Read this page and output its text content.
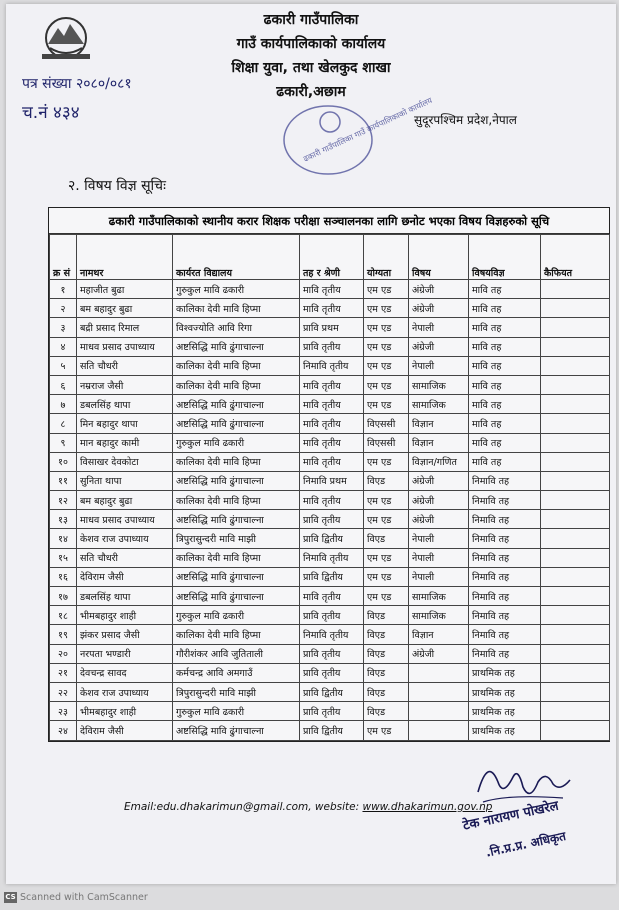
ढकारी गाउँपालिका
गाउँ कार्यपालिकाको कार्यालय
शिक्षा युवा, तथा खेलकुद शाखा
ढकारी,अछाम
पत्र संख्या २०८०/०८१
च.नं ४३४	ढकारी गाउँपालिका गाउँ कार्यपालिकाको कार्यालय
सुदूरपश्चिम प्रदेश,नेपाल
२. विषय विज्ञ सूचिः
ढकारी गाउँपालिकाको स्थानीय करार शिक्षक परीक्षा सञ्चालनका लागि छनोट भएका विषय विज्ञहरुको सूचि
क्र सं	नामथर	कार्यरत विद्यालय	तह र श्रेणी	योग्यता	विषय	विषयविज्ञ	कैफियत
१	महाजीत बुढा	गुरुकुल मावि ढकारी	मावि तृतीय	एम एड	अंग्रेजी	मावि तह	
२	बम बहादुर बुढा	कालिका देवी मावि हिप्मा	मावि तृतीय	एम एड	अंग्रेजी	मावि तह	
३	बद्री प्रसाद रिमाल	विश्वज्योति आवि रिगा	प्रावि प्रथम	एम एड	नेपाली	मावि तह	
४	माधव प्रसाद उपाध्याय	अष्टसिद्धि मावि ढुंगाचाल्ना	प्रावि तृतीय	एम एड	अंग्रेजी	मावि तह	
५	सति चौधरी	कालिका देवी मावि हिप्मा	निमावि तृतीय	एम एड	नेपाली	मावि तह	
६	नम्रराज जैसी	कालिका देवी मावि हिप्मा	मावि तृतीय	एम एड	सामाजिक	मावि तह	
७	डबलसिंह थापा	अष्टसिद्धि मावि ढुंगाचाल्ना	मावि तृतीय	एम एड	सामाजिक	मावि तह	
८	मिन बहादुर थापा	अष्टसिद्धि मावि ढुंगाचाल्ना	मावि तृतीय	विएससी	विज्ञान	मावि तह	
९	मान बहादुर कामी	गुरुकुल मावि ढकारी	मावि तृतीय	विएससी	विज्ञान	मावि तह	
१०	विसाखर देवकोटा	कालिका देवी मावि हिप्मा	मावि तृतीय	एम एड	विज्ञान/गणित	मावि तह	
११	सुनिता थापा	अष्टसिद्धि मावि ढुंगाचाल्ना	निमावि प्रथम	विएड	अंग्रेजी	निमावि तह	
१२	बम बहादुर बुढा	कालिका देवी मावि हिप्मा	मावि तृतीय	एम एड	अंग्रेजी	निमावि तह	
१३	माधव प्रसाद उपाध्याय	अष्टसिद्धि मावि ढुंगाचाल्ना	प्रावि तृतीय	एम एड	अंग्रेजी	निमावि तह	
१४	केशव राज उपाध्याय	त्रिपुरासुन्दरी मावि माझी	प्रावि द्वितीय	विएड	नेपाली	निमावि तह	
१५	सति चौधरी	कालिका देवी मावि हिप्मा	निमावि तृतीय	एम एड	नेपाली	निमावि तह	
१६	देविराम जैसी	अष्टसिद्धि मावि ढुंगाचाल्ना	प्रावि द्वितीय	एम एड	नेपाली	निमावि तह	
१७	डबलसिंह थापा	अष्टसिद्धि मावि ढुंगाचाल्ना	मावि तृतीय	एम एड	सामाजिक	निमावि तह	
१८	भीमबहादुर शाही	गुरुकुल मावि ढकारी	प्रावि तृतीय	विएड	सामाजिक	निमावि तह	
१९	झंकर प्रसाद जैसी	कालिका देवी मावि हिप्मा	निमावि तृतीय	विएड	विज्ञान	निमावि तह	
२०	नरपता भण्डारी	गौरीशंकर आवि जुतिताली	प्रावि तृतीय	विएड	अंग्रेजी	निमावि तह	
२१	देवचन्द्र सावद	कर्मचन्द्र आवि अमगाउँ	प्रावि तृतीय	विएड		प्राथमिक तह	
२२	केशव राज उपाध्याय	त्रिपुरासुन्दरी मावि माझी	प्रावि द्वितीय	विएड		प्राथमिक तह	
२३	भीमबहादुर शाही	गुरुकुल मावि ढकारी	प्रावि तृतीय	विएड		प्राथमिक तह	
२४	देविराम जैसी	अष्टसिद्धि मावि ढुंगाचाल्ना	प्रावि द्वितीय	एम एड		प्राथमिक तह	
Email:edu.dhakarimun@gmail.com, website: www.dhakarimun.gov.np
टेक नारायण पोखरेल
.नि.प्र.प्र. अधिकृत
CS Scanned with CamScanner
